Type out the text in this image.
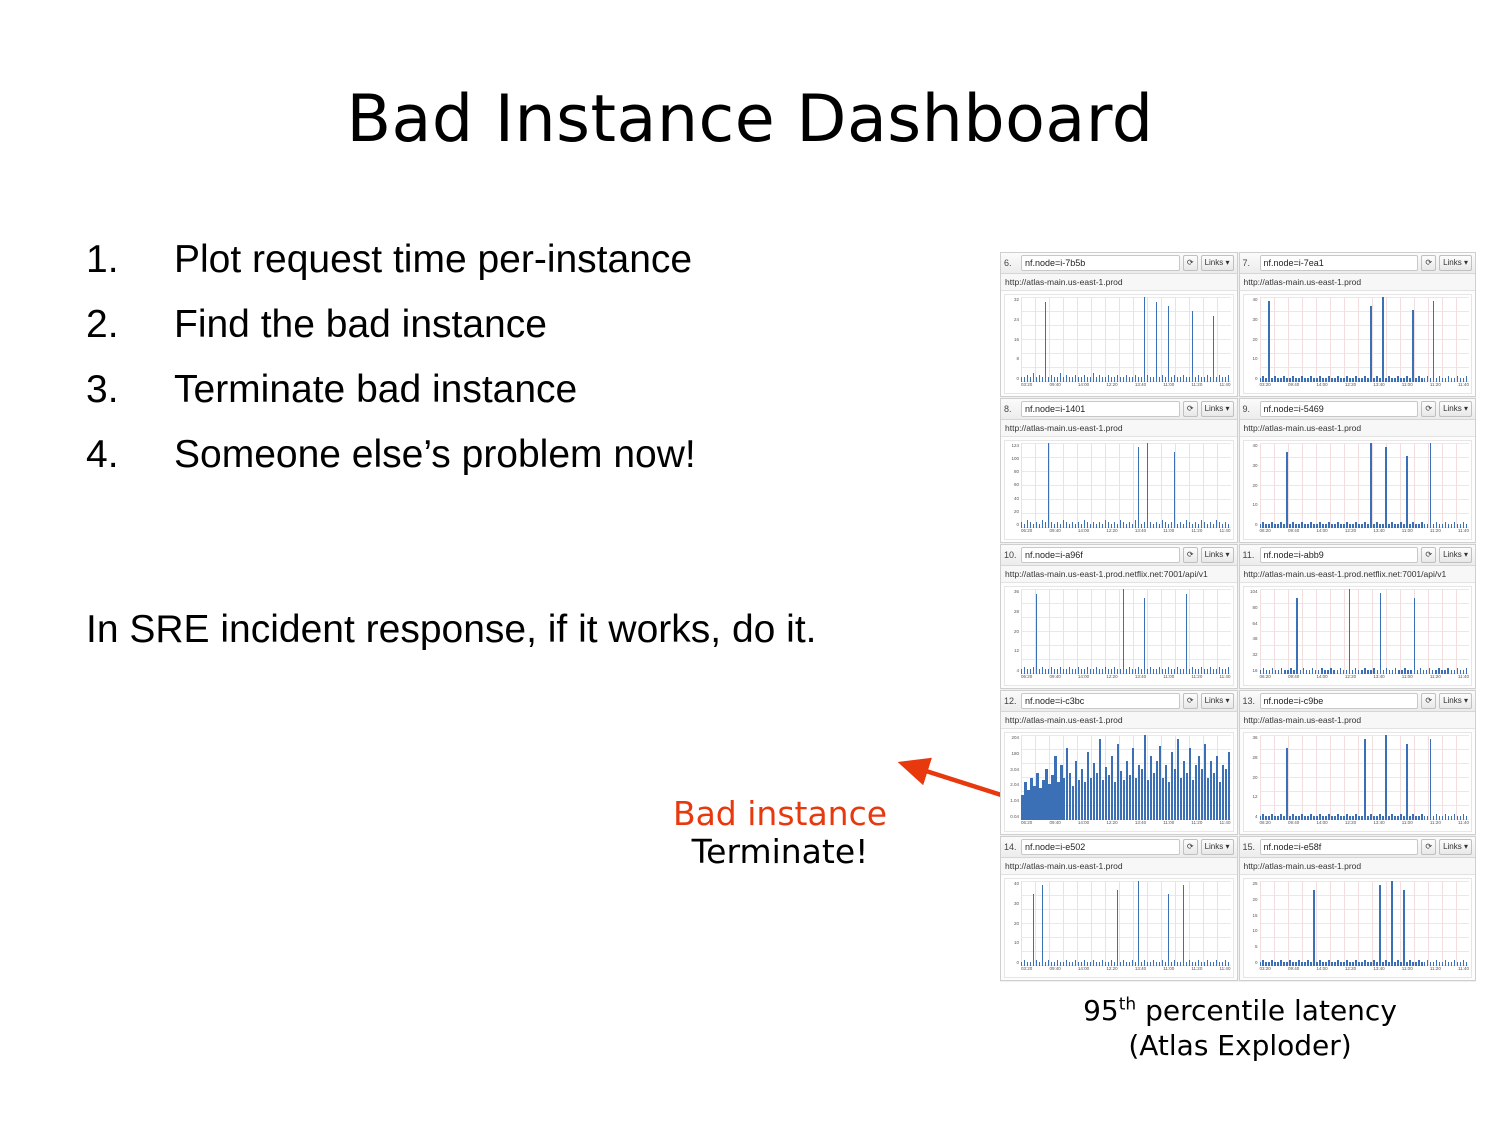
Bad Instance Dashboard
1.	Plot request time per-instance
2.	Find the bad instance
3.	Terminate bad instance
4.	Someone else’s problem now!
In SRE incident response, if it works, do it.
Bad instance
Terminate!
95th percentile latency
(Atlas Exploder)
6.	nf.node=i-7b5b	⟳	Links ▾
http://atlas-main.us-east-1.prod
32
24
16
8
0
03:20	09:40	14:00	12:20	13:40	11:00	11:20	11:40
7.	nf.node=i-7ea1	⟳	Links ▾
http://atlas-main.us-east-1.prod
40
30
20
10
0
03:20	09:40	14:00	12:20	13:40	11:00	11:20	11:40
8.	nf.node=i-1401	⟳	Links ▾
http://atlas-main.us-east-1.prod
124
100
80
60
40
20
0
06:20	09:40	14:00	12:20	13:40	11:00	11:20	11:40
9.	nf.node=i-5469	⟳	Links ▾
http://atlas-main.us-east-1.prod
40
30
20
10
0
06:20	09:40	14:00	12:20	13:40	11:00	11:20	11:40
10. nf.node=i-a96f	⟳	Links ▾
http://atlas-main.us-east-1.prod.netflix.net:7001/api/v1
36
28
20
12
4
06:20	09:40	14:00	12:20	13:40	11:00	11:20	11:40
11.	nf.node=i-abb9	⟳	Links ▾
http://atlas-main.us-east-1.prod.netflix.net:7001/api/v1
104
80
64
48
32
16
06:20	09:40	14:00	12:20	13:40	11:00	11:20	11:40
12. nf.node=i-c3bc	⟳	Links ▾
http://atlas-main.us-east-1.prod
204
180
3.04
2.04
1.04
0.04
06:20	09:40	14:00	12:20	13:40	11:00	11:20	11:40
13. nf.node=i-c9be	⟳	Links ▾
http://atlas-main.us-east-1.prod
36
28
20
12
4
06:20	09:40	14:00	12:20	13:40	11:00	11:20	11:40
14. nf.node=i-e502	⟳	Links ▾
http://atlas-main.us-east-1.prod
40
30
20
10
0
03:20	09:40	14:00	12:20	13:40	11:00	11:20	11:40
15. nf.node=i-e58f	⟳	Links ▾
http://atlas-main.us-east-1.prod
25
20
15
10
5
0
03:20	09:40	14:00	12:20	13:40	11:00	11:20	11:40
